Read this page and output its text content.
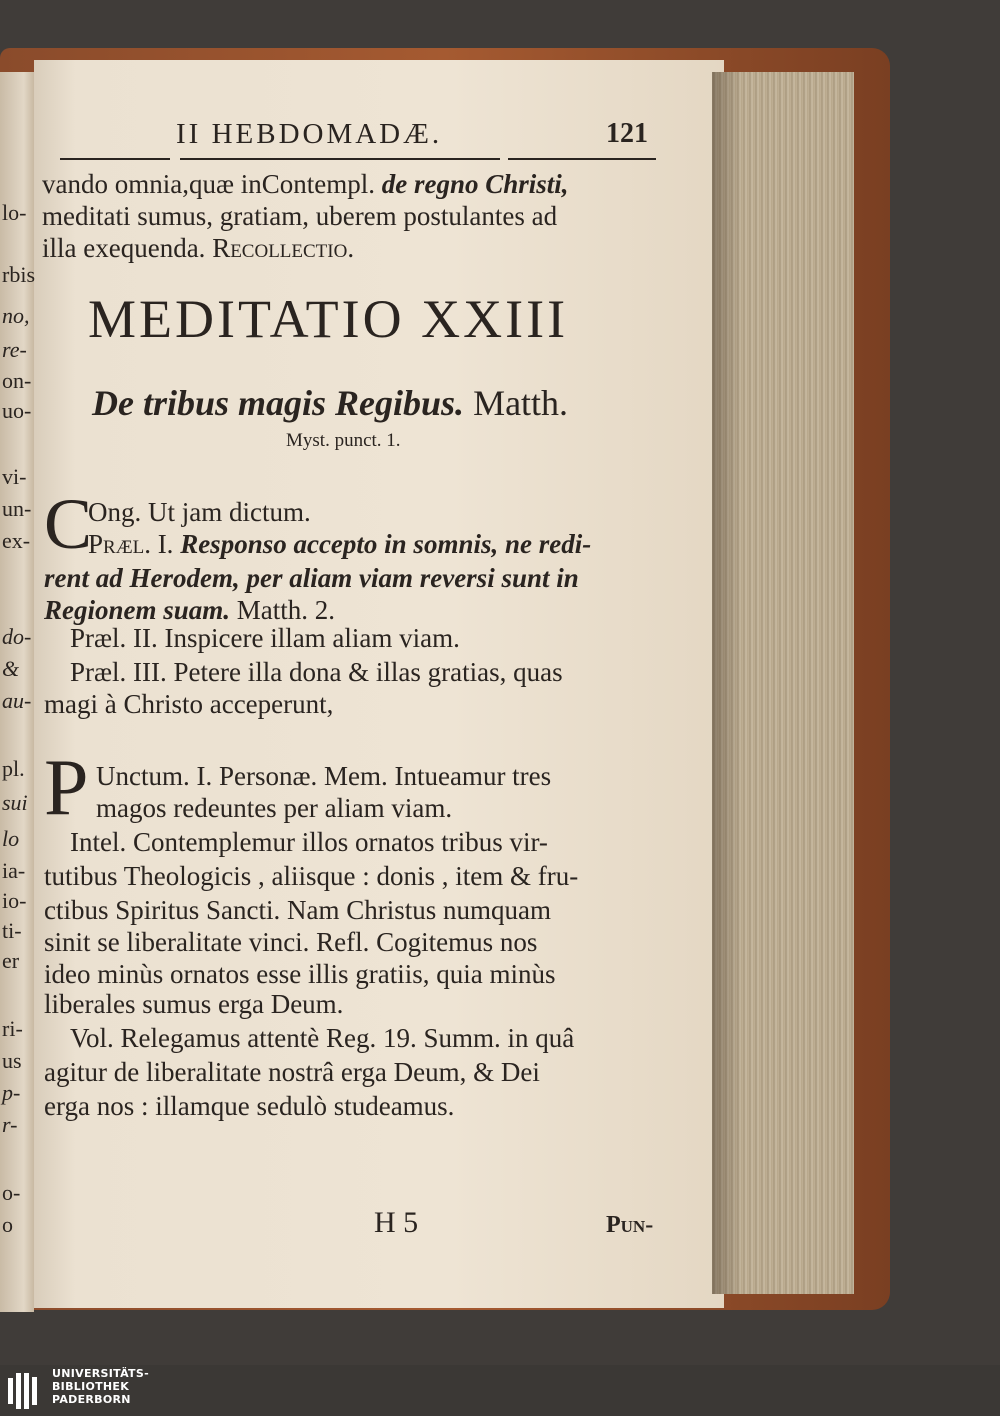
lo-
rbis
no,
re-
on-
uo-
vi-
un-
ex-
do-
&
au-
pl.
sui
lo
ia-
io-
ti-
er
ri-
us
p-
r-
o-
o
II HEBDOMADÆ.	121
vando omnia,quæ inContempl. de regno Christi,
meditati sumus, gratiam, uberem postulantes ad
illa exequenda. Recollectio.
MEDITATIO XXIII
De tribus magis Regibus. Matth.
Myst. punct. 1.
C
Ong. Ut jam dictum.
Præl. I. Responso accepto in somnis, ne redi-
rent ad Herodem, per aliam viam reversi sunt in
Regionem suam. Matth. 2.
Præl. II. Inspicere illam aliam viam.
Præl. III. Petere illa dona & illas gratias, quas
magi à Christo acceperunt,
P Unctum. I. Personæ. Mem. Intueamur tres
magos redeuntes per aliam viam.
Intel. Contemplemur illos ornatos tribus vir-
tutibus Theologicis , aliisque : donis , item & fru-
ctibus Spiritus Sancti. Nam Christus numquam
sinit se liberalitate vinci. Refl. Cogitemus nos
ideo minùs ornatos esse illis gratiis, quia minùs
liberales sumus erga Deum.
Vol. Relegamus attentè Reg. 19. Summ. in quâ
agitur de liberalitate nostrâ erga Deum, & Dei
erga nos : illamque sedulò studeamus.
H 5	Pun-
UNIVERSITÄTS-
BIBLIOTHEK
PADERBORN
